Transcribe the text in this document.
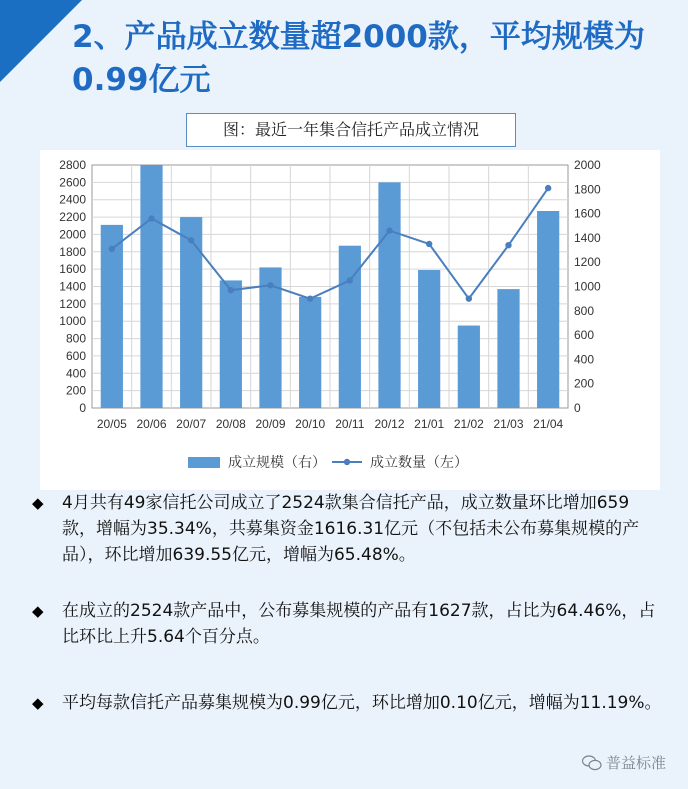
2、产品成立数量超2000款，平均规模为0.99亿元
图：最近一年集合信托产品成立情况
0
200
400
600
800
1000
1200
1400
1600
1800
2000
2200
2400
2600
2800
0
200
400
600
800
1000
1200
1400
1600
1800
2000
20/05 20/06 20/07 20/08 20/09 20/10 20/11 20/12 21/01 21/02 21/03 21/04
成立规模（右）	成立数量（左）
◆ 4月共有49家信托公司成立了2524款集合信托产品，成立数量环比增加659款，增幅为35.34%，共募集资金1616.31亿元（不包括未公布募集规模的产品），环比增加639.55亿元，增幅为65.48%。
◆ 在成立的2524款产品中，公布募集规模的产品有1627款，占比为64.46%，占比环比上升5.64个百分点。
◆ 平均每款信托产品募集规模为0.99亿元，环比增加0.10亿元，增幅为11.19%。
普益标准
